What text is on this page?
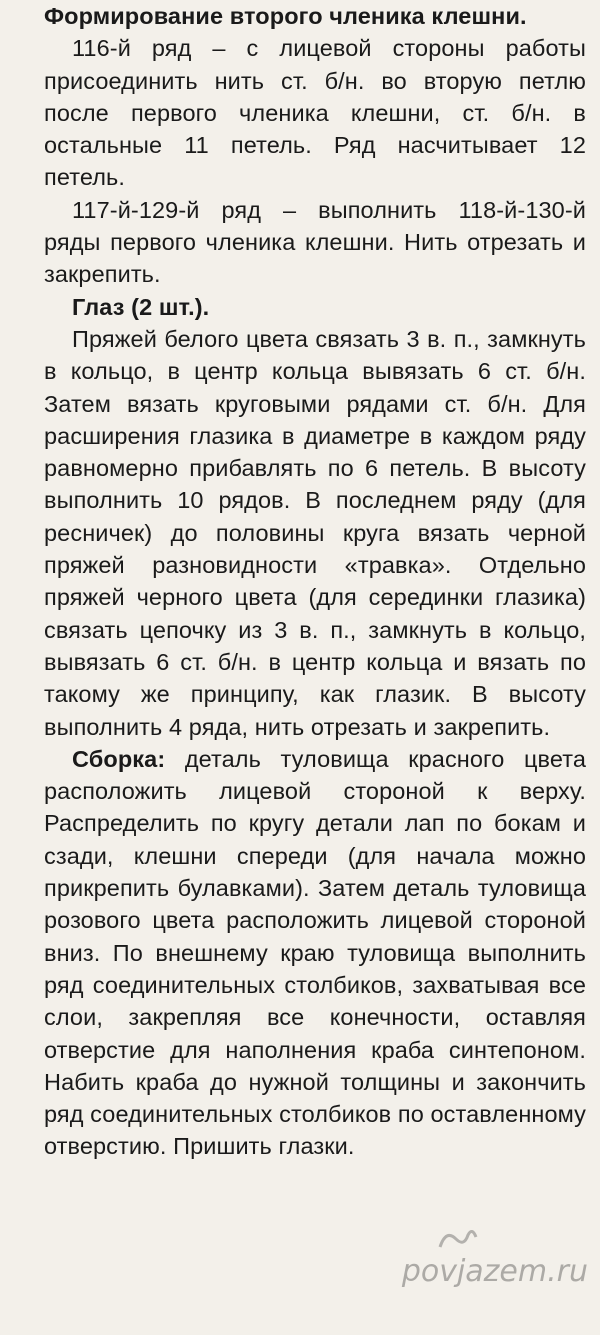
Формирование второго членика клешни.

116-й ряд – с лицевой стороны работы присоединить нить ст. б/н. во вторую петлю после первого членика клешни, ст. б/н. в остальные 11 петель. Ряд насчитывает 12 петель.

117-й-129-й ряд – выполнить 118-й-130-й ряды первого членика клешни. Нить отрезать и закрепить.

Глаз (2 шт.).

Пряжей белого цвета связать 3 в. п., замкнуть в кольцо, в центр кольца вывязать 6 ст. б/н. Затем вязать круговыми рядами ст. б/н. Для расширения глазика в диаметре в каждом ряду равномерно прибавлять по 6 петель. В высоту выполнить 10 рядов. В последнем ряду (для ресничек) до половины круга вязать черной пряжей разновидности «травка». Отдельно пряжей черного цвета (для серединки глазика) связать цепочку из 3 в. п., замкнуть в кольцо, вывязать 6 ст. б/н. в центр кольца и вязать по такому же принципу, как глазик. В высоту выполнить 4 ряда, нить отрезать и закрепить.

Сборка: деталь туловища красного цвета расположить лицевой стороной к верху. Распределить по кругу детали лап по бокам и сзади, клешни спереди (для начала можно прикрепить булавками). Затем деталь туловища розового цвета расположить лицевой стороной вниз. По внешнему краю туловища выполнить ряд соединительных столбиков, захватывая все слои, закрепляя все конечности, оставляя отверстие для наполнения краба синтепоном. Набить краба до нужной толщины и закончить ряд соединительных столбиков по оставленному отверстию. Пришить глазки.

povjazem.ru
